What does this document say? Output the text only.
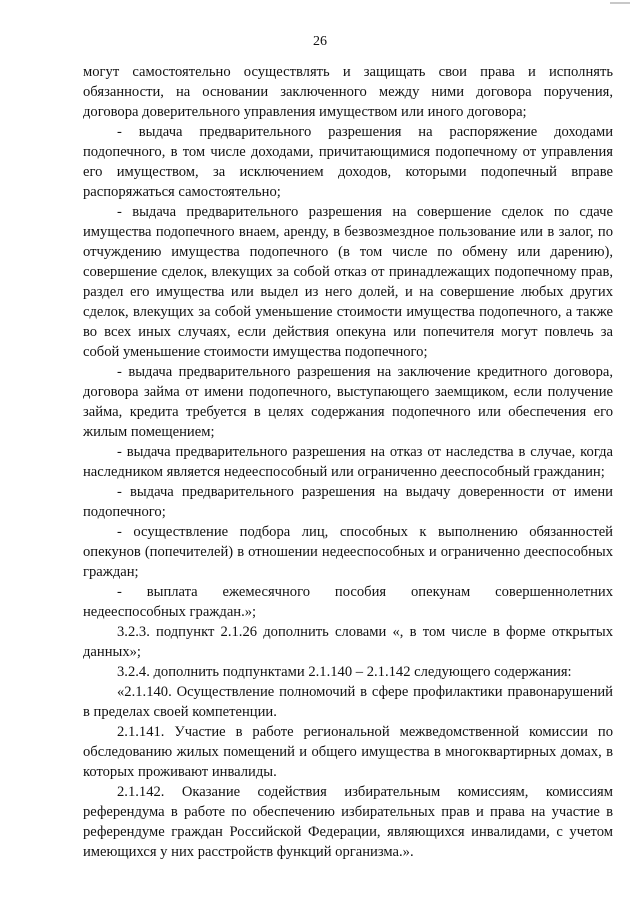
26

могут самостоятельно осуществлять и защищать свои права и исполнять обязанности, на основании заключенного между ними договора поручения, договора доверительного управления имуществом или иного договора;

- выдача предварительного разрешения на распоряжение доходами подопечного, в том числе доходами, причитающимися подопечному от управления его имуществом, за исключением доходов, которыми подопечный вправе распоряжаться самостоятельно;

- выдача предварительного разрешения на совершение сделок по сдаче имущества подопечного внаем, аренду, в безвозмездное пользование или в залог, по отчуждению имущества подопечного (в том числе по обмену или дарению), совершение сделок, влекущих за собой отказ от принадлежащих подопечному прав, раздел его имущества или выдел из него долей, и на совершение любых других сделок, влекущих за собой уменьшение стоимости имущества подопечного, а также во всех иных случаях, если действия опекуна или попечителя могут повлечь за собой уменьшение стоимости имущества подопечного;

- выдача предварительного разрешения на заключение кредитного договора, договора займа от имени подопечного, выступающего заемщиком, если получение займа, кредита требуется в целях содержания подопечного или обеспечения его жилым помещением;

- выдача предварительного разрешения на отказ от наследства в случае, когда наследником является недееспособный или ограниченно дееспособный гражданин;

- выдача предварительного разрешения на выдачу доверенности от имени подопечного;

- осуществление подбора лиц, способных к выполнению обязанностей опекунов (попечителей) в отношении недееспособных и ограниченно дееспособных граждан;

- выплата ежемесячного пособия опекунам совершеннолетних недееспособных граждан.»;

3.2.3. подпункт 2.1.26 дополнить словами «, в том числе в форме открытых данных»;

3.2.4. дополнить подпунктами 2.1.140 – 2.1.142 следующего содержания:

«2.1.140. Осуществление полномочий в сфере профилактики правонарушений в пределах своей компетенции.

2.1.141. Участие в работе региональной межведомственной комиссии по обследованию жилых помещений и общего имущества в многоквартирных домах, в которых проживают инвалиды.

2.1.142. Оказание содействия избирательным комиссиям, комиссиям референдума в работе по обеспечению избирательных прав и права на участие в референдуме граждан Российской Федерации, являющихся инвалидами, с учетом имеющихся у них расстройств функций организма.».
